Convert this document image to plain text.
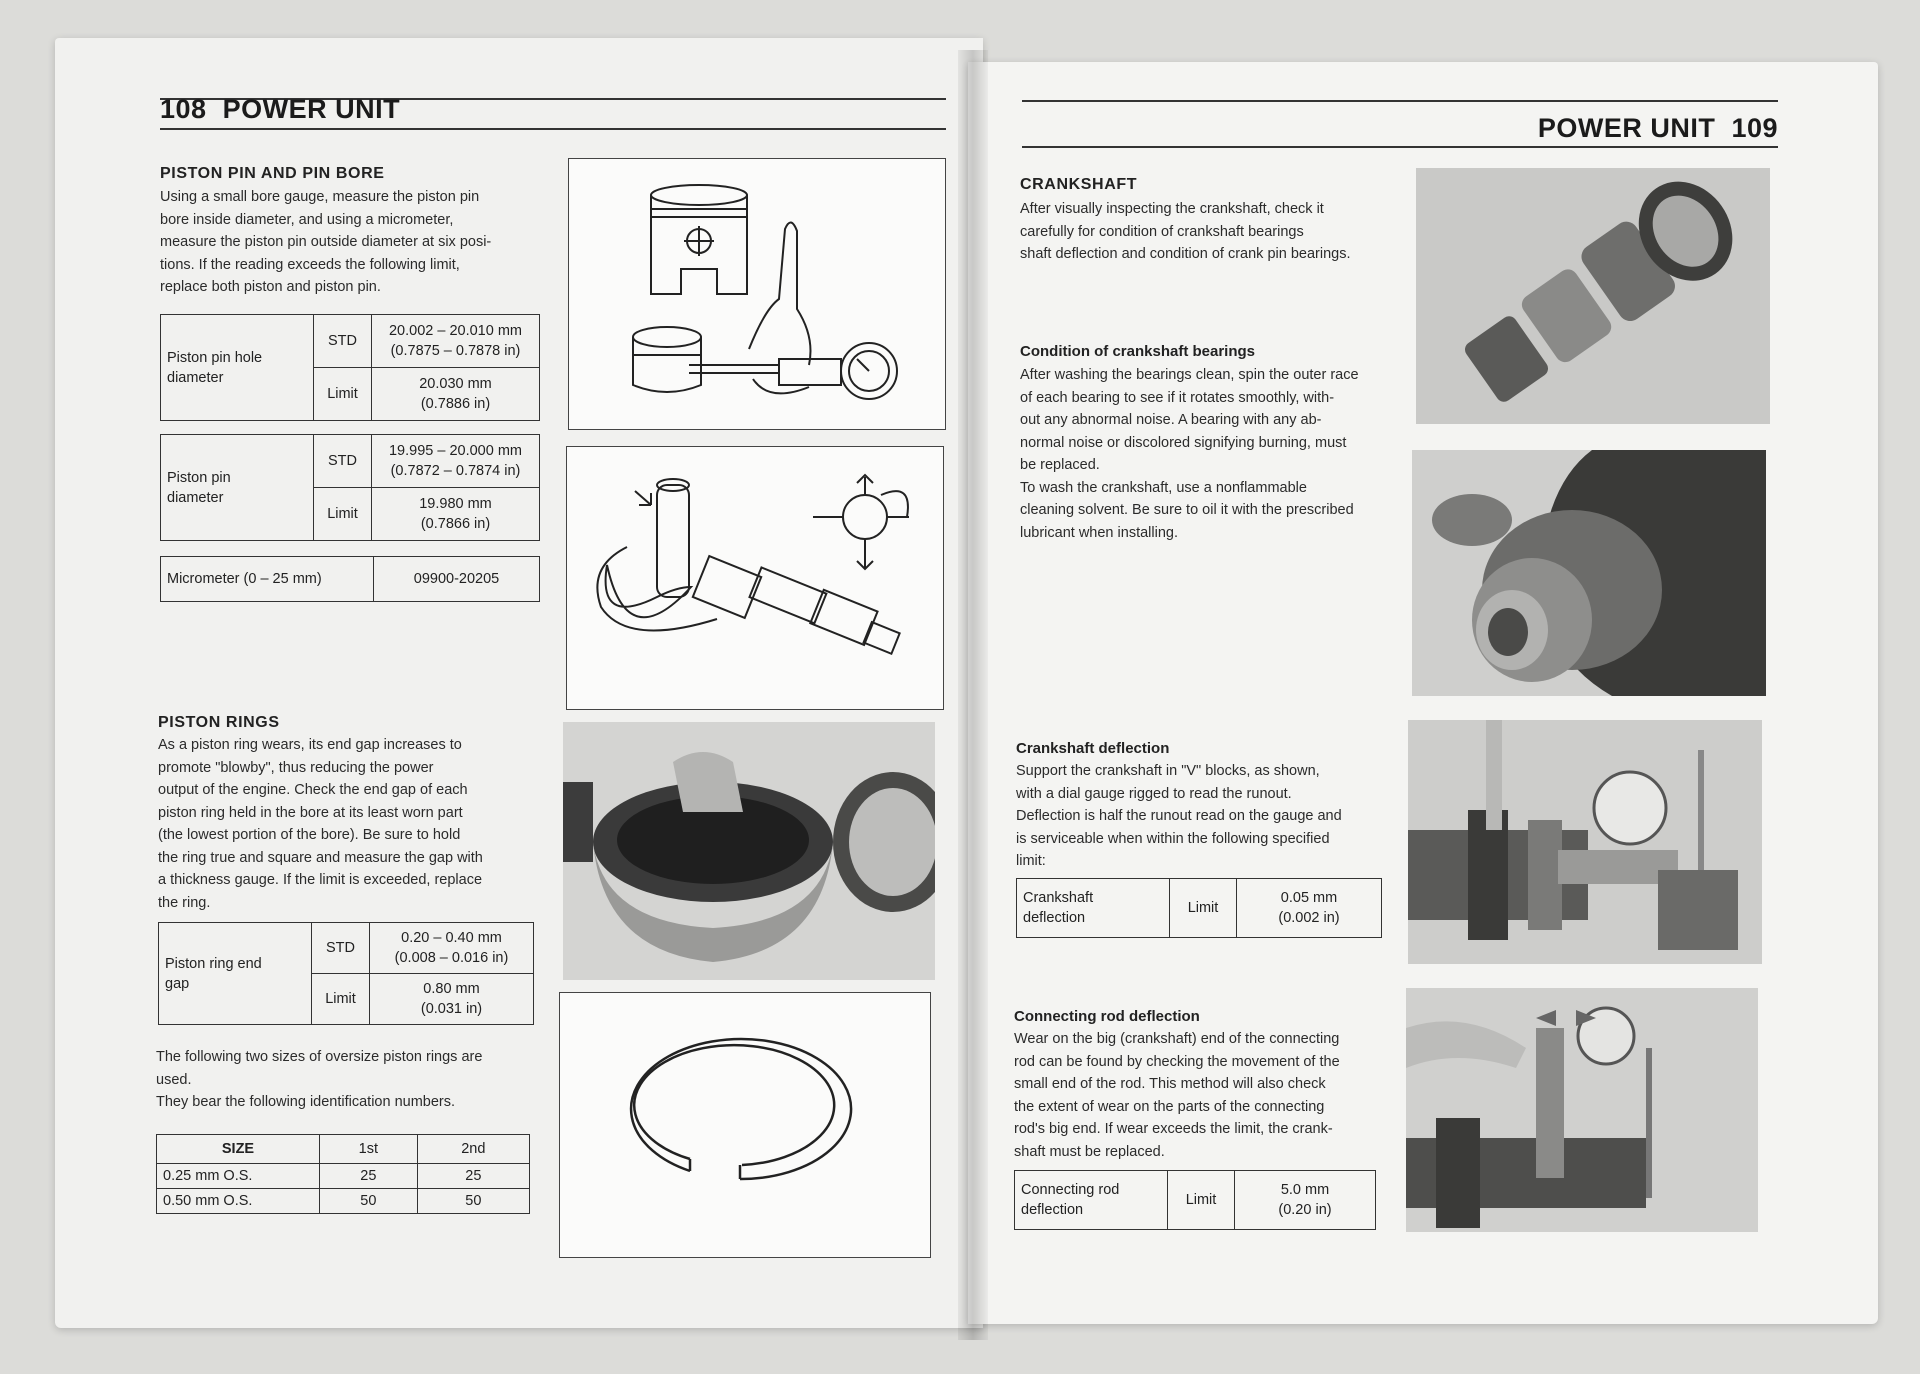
108 POWER UNIT
PISTON PIN AND PIN BORE
Using a small bore gauge, measure the piston pin
bore inside diameter, and using a micrometer,
measure the piston pin outside diameter at six posi-
tions. If the reading exceeds the following limit,
replace both piston and piston pin.
Piston pin hole
diameter	STD	20.002 – 20.010 mm
(0.7875 – 0.7878 in)
	Limit	20.030 mm
(0.7886 in)
Piston pin
diameter	STD	19.995 – 20.000 mm
(0.7872 – 0.7874 in)
	Limit	19.980 mm
(0.7866 in)
Micrometer (0 – 25 mm)	09900-20205
PISTON RINGS
As a piston ring wears, its end gap increases to
promote "blowby", thus reducing the power
output of the engine. Check the end gap of each
piston ring held in the bore at its least worn part
(the lowest portion of the bore). Be sure to hold
the ring true and square and measure the gap with
a thickness gauge. If the limit is exceeded, replace
the ring.
Piston ring end
gap	STD	0.20 – 0.40 mm
(0.008 – 0.016 in)
	Limit	0.80 mm
(0.031 in)
The following two sizes of oversize piston rings are
used.
They bear the following identification numbers.
SIZE	1st	2nd
0.25 mm O.S.	25	25
0.50 mm O.S.	50	50
POWER UNIT 109
CRANKSHAFT
After visually inspecting the crankshaft, check it
carefully for condition of crankshaft bearings
shaft deflection and condition of crank pin bearings.
Condition of crankshaft bearings
After washing the bearings clean, spin the outer race
of each bearing to see if it rotates smoothly, with-
out any abnormal noise. A bearing with any ab-
normal noise or discolored signifying burning, must
be replaced.
To wash the crankshaft, use a nonflammable
cleaning solvent. Be sure to oil it with the prescribed
lubricant when installing.
Crankshaft deflection
Support the crankshaft in "V" blocks, as shown,
with a dial gauge rigged to read the runout.
Deflection is half the runout read on the gauge and
is serviceable when within the following specified
limit:
Crankshaft
deflection	Limit	0.05 mm
(0.002 in)
Connecting rod deflection
Wear on the big (crankshaft) end of the connecting
rod can be found by checking the movement of the
small end of the rod. This method will also check
the extent of wear on the parts of the connecting
rod's big end. If wear exceeds the limit, the crank-
shaft must be replaced.
Connecting rod
deflection	Limit	5.0 mm
(0.20 in)
